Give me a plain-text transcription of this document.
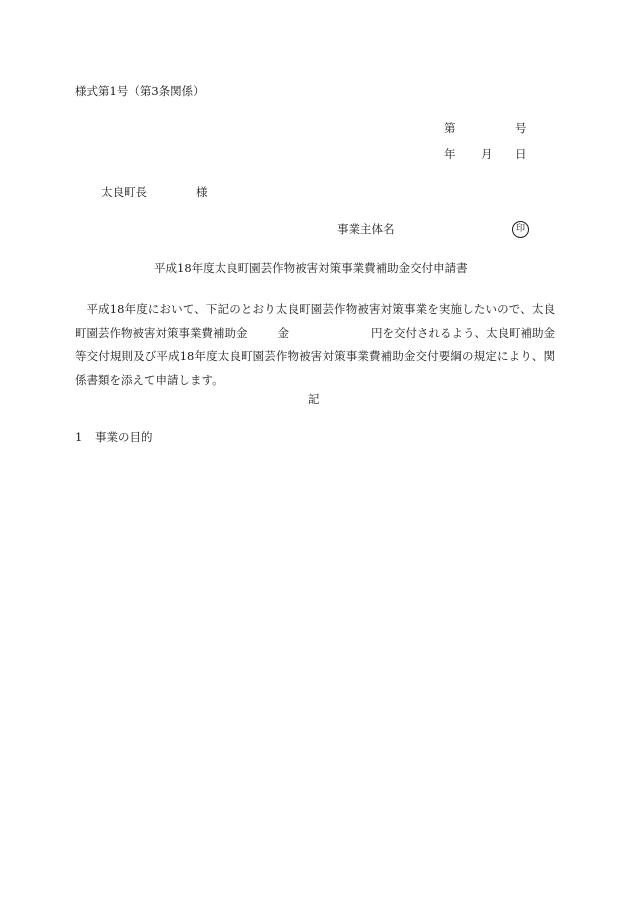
様式第1号（第3条関係）
第	号
年 月 日
太良町長	様
事業主体名	印
平成18年度太良町園芸作物被害対策事業費補助金交付申請書
平成18年度において、下記のとおり太良町園芸作物被害対策事業を実施したいので、太良町園芸作物被害対策事業費補助金	金	円を交付されるよう、太良町補助金等交付規則及び平成18年度太良町園芸作物被害対策事業費補助金交付要綱の規定により、関係書類を添えて申請します。
記
1 事業の目的
